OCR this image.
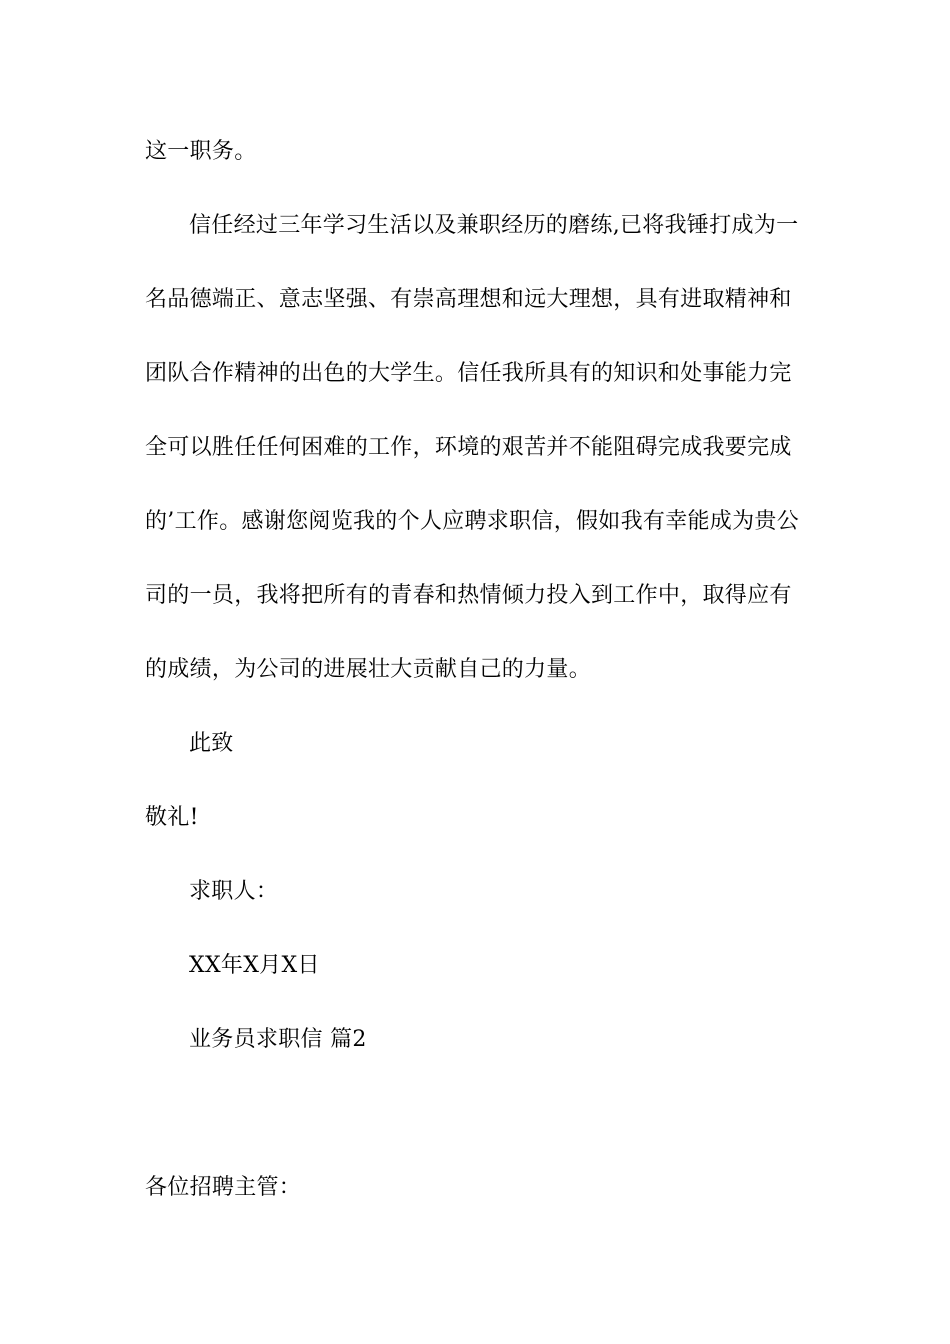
这一职务。
信任经过三年学习生活以及兼职经历的磨练,已将我锤打成为一
名品德端正、意志坚强、有崇高理想和远大理想，具有进取精神和
团队合作精神的出色的大学生。信任我所具有的知识和处事能力完
全可以胜任任何困难的工作，环境的艰苦并不能阻碍完成我要完成
的’工作。感谢您阅览我的个人应聘求职信，假如我有幸能成为贵公
司的一员，我将把所有的青春和热情倾力投入到工作中，取得应有
的成绩，为公司的进展壮大贡献自己的力量。
此致
敬礼!
求职人：
XX年X月X日
业务员求职信 篇2
各位招聘主管：
